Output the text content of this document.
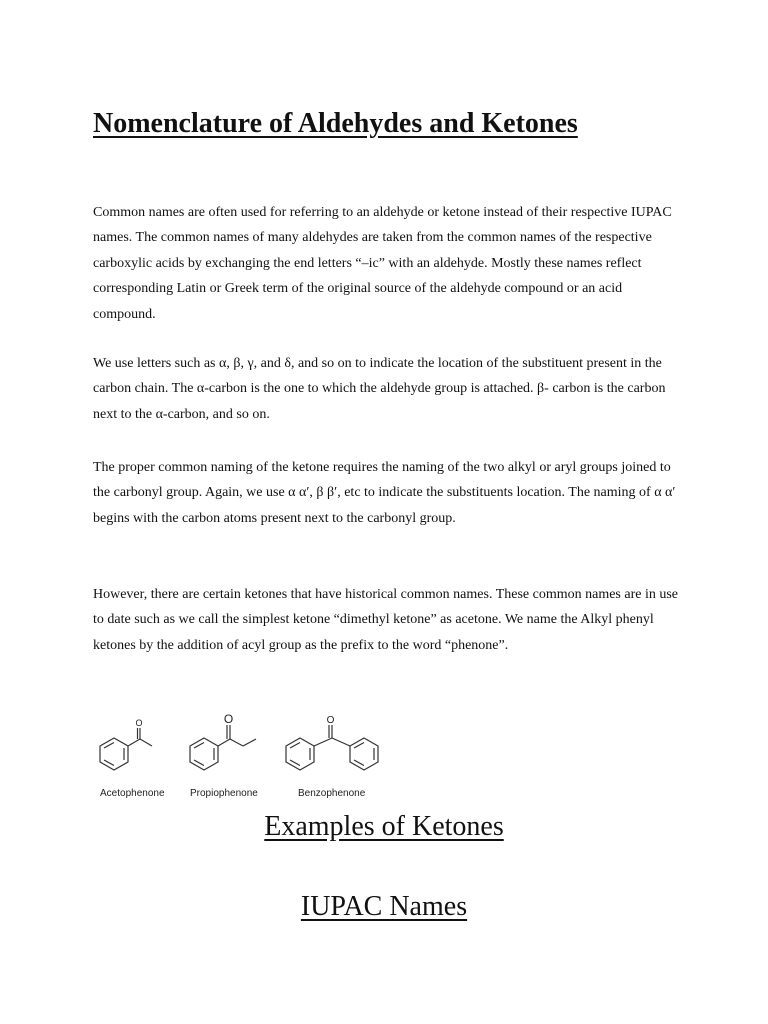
Nomenclature of Aldehydes and Ketones

Common names are often used for referring to an aldehyde or ketone instead of their respective IUPAC names. The common names of many aldehydes are taken from the common names of the respective carboxylic acids by exchanging the end letters “–ic” with an aldehyde. Mostly these names reflect corresponding Latin or Greek term of the original source of the aldehyde compound or an acid compound.

We use letters such as α, β, γ, and δ, and so on to indicate the location of the substituent present in the carbon chain. The α-carbon is the one to which the aldehyde group is attached. β- carbon is the carbon next to the α-carbon, and so on.

The proper common naming of the ketone requires the naming of the two alkyl or aryl groups joined to the carbonyl group. Again, we use α α′, β β′, etc to indicate the substituents location. The naming of α α′ begins with the carbon atoms present next to the carbonyl group.

However, there are certain ketones that have historical common names. These common names are in use to date such as we call the simplest ketone “dimethyl ketone” as acetone. We name the Alkyl phenyl ketones by the addition of acyl group as the prefix to the word “phenone”.

O	O	O
Acetophenone	Propiophenone	Benzophenone
Examples of Ketones
IUPAC Names
